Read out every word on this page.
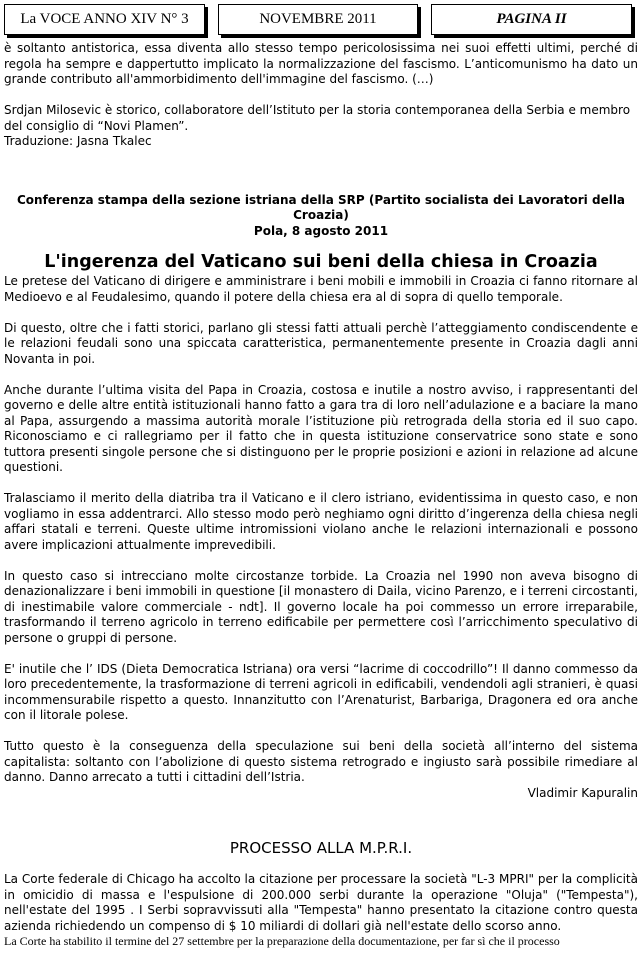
La VOCE ANNO XIV N° 3	NOVEMBRE 2011	PAGINA II

è soltanto antistorica, essa diventa allo stesso tempo pericolosissima nei suoi effetti ultimi, perché di regola ha sempre e dappertutto implicato la normalizzazione del fascismo. L’anticomunismo ha dato un grande contributo all'ammorbidimento dell'immagine del fascismo. (…)

Srdjan Milosevic è storico, collaboratore dell’Istituto per la storia contemporanea della Serbia e membro del consiglio di “Novi Plamen”.

Traduzione: Jasna Tkalec

Conferenza stampa della sezione istriana della SRP (Partito socialista dei Lavoratori della Croazia)

Pola, 8 agosto 2011

L'ingerenza del Vaticano sui beni della chiesa in Croazia

Le pretese del Vaticano di dirigere e amministrare i beni mobili e immobili in Croazia ci fanno ritornare al Medioevo e al Feudalesimo, quando il potere della chiesa era al di sopra di quello temporale.

Di questo, oltre che i fatti storici, parlano gli stessi fatti attuali perchè l’atteggiamento condiscendente e le relazioni feudali sono una spiccata caratteristica, permanentemente presente in Croazia dagli anni Novanta in poi.

Anche durante l’ultima visita del Papa in Croazia, costosa e inutile a nostro avviso, i rappresentanti del governo e delle altre entità istituzionali hanno fatto a gara tra di loro nell’adulazione e a baciare la mano al Papa, assurgendo a massima autorità morale l’istituzione più retrograda della storia ed il suo capo. Riconosciamo e ci rallegriamo per il fatto che in questa istituzione conservatrice sono state e sono tuttora presenti singole persone che si distinguono per le proprie posizioni e azioni in relazione ad alcune questioni.

Tralasciamo il merito della diatriba tra il Vaticano e il clero istriano, evidentissima in questo caso, e non vogliamo in essa addentrarci. Allo stesso modo però neghiamo ogni diritto d’ingerenza della chiesa negli affari statali e terreni. Queste ultime intromissioni violano anche le relazioni internazionali e possono avere implicazioni attualmente imprevedibili.

In questo caso si intrecciano molte circostanze torbide. La Croazia nel 1990 non aveva bisogno di denazionalizzare i beni immobili in questione [il monastero di Daila, vicino Parenzo, e i terreni circostanti, di inestimabile valore commerciale - ndt]. Il governo locale ha poi commesso un errore irreparabile, trasformando il terreno agricolo in terreno edificabile per permettere così l’arricchimento speculativo di persone o gruppi di persone.

E' inutile che l’ IDS (Dieta Democratica Istriana) ora versi “lacrime di coccodrillo”! Il danno commesso da loro precedentemente, la trasformazione di terreni agricoli in edificabili, vendendoli agli stranieri, è quasi incommensurabile rispetto a questo. Innanzitutto con l’Arenaturist, Barbariga, Dragonera ed ora anche con il litorale polese.

Tutto questo è la conseguenza della speculazione sui beni della società all’interno del sistema capitalista: soltanto con l’abolizione di questo sistema retrogrado e ingiusto sarà possibile rimediare al danno. Danno arrecato a tutti i cittadini dell’Istria.

Vladimir Kapuralin

PROCESSO ALLA M.P.R.I.

La Corte federale di Chicago ha accolto la citazione per processare la società "L-3 MPRI" per la complicità in omicidio di massa e l'espulsione di 200.000 serbi durante la operazione "Oluja" ("Tempesta"), nell'estate del 1995 . I Serbi sopravvissuti alla "Tempesta" hanno presentato la citazione contro questa azienda richiedendo un compenso di $ 10 miliardi di dollari già nell'estate dello scorso anno.

La Corte ha stabilito il termine del 27 settembre per la preparazione della documentazione, per far sì che il processo
